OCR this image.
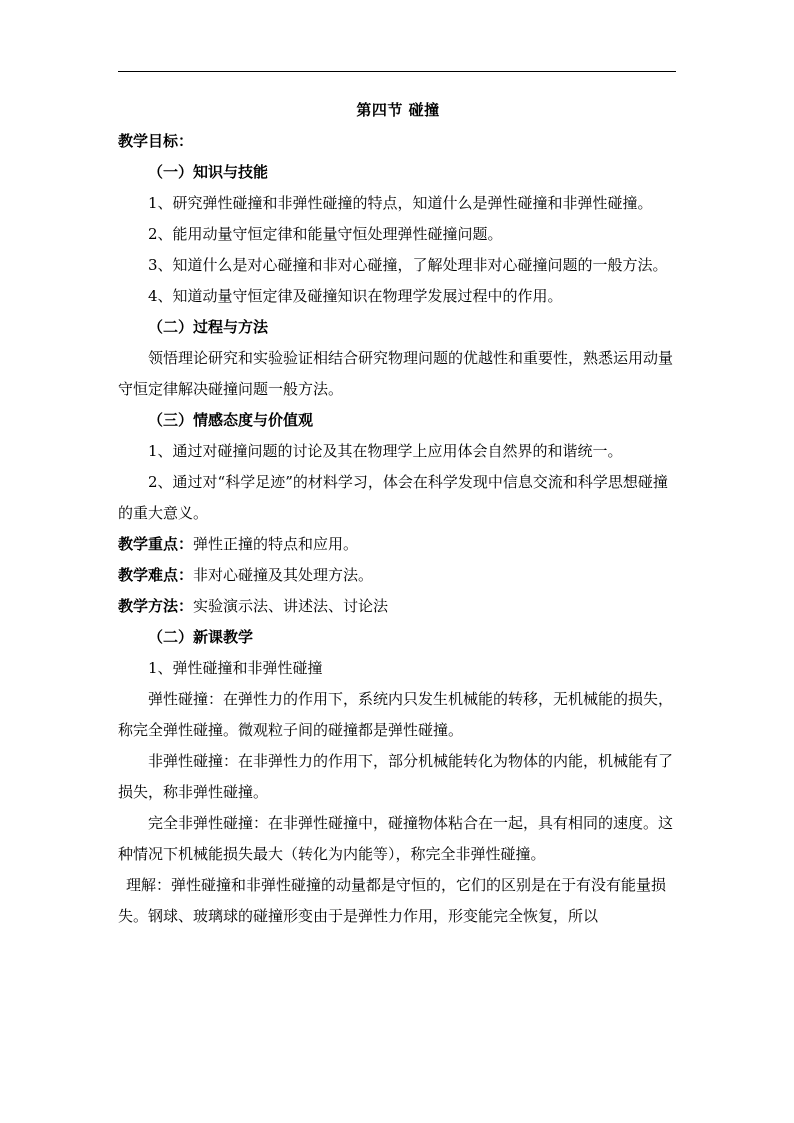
第四节 碰撞

教学目标：

（一）知识与技能

1、研究弹性碰撞和非弹性碰撞的特点，知道什么是弹性碰撞和非弹性碰撞。

2、能用动量守恒定律和能量守恒处理弹性碰撞问题。

3、知道什么是对心碰撞和非对心碰撞，了解处理非对心碰撞问题的一般方法。

4、知道动量守恒定律及碰撞知识在物理学发展过程中的作用。

（二）过程与方法

领悟理论研究和实验验证相结合研究物理问题的优越性和重要性，熟悉运用动量守恒定律解决碰撞问题一般方法。

（三）情感态度与价值观

1、通过对碰撞问题的讨论及其在物理学上应用体会自然界的和谐统一。

2、通过对“科学足迹”的材料学习，体会在科学发现中信息交流和科学思想碰撞的重大意义。

教学重点：弹性正撞的特点和应用。

教学难点：非对心碰撞及其处理方法。

教学方法：实验演示法、讲述法、讨论法

（二）新课教学

1、弹性碰撞和非弹性碰撞

弹性碰撞：在弹性力的作用下，系统内只发生机械能的转移，无机械能的损失，称完全弹性碰撞。微观粒子间的碰撞都是弹性碰撞。

非弹性碰撞：在非弹性力的作用下，部分机械能转化为物体的内能，机械能有了损失，称非弹性碰撞。

完全非弹性碰撞：在非弹性碰撞中，碰撞物体粘合在一起，具有相同的速度。这种情况下机械能损失最大（转化为内能等），称完全非弹性碰撞。

理解：弹性碰撞和非弹性碰撞的动量都是守恒的，它们的区别是在于有没有能量损失。钢球、玻璃球的碰撞形变由于是弹性力作用，形变能完全恢复，所以
